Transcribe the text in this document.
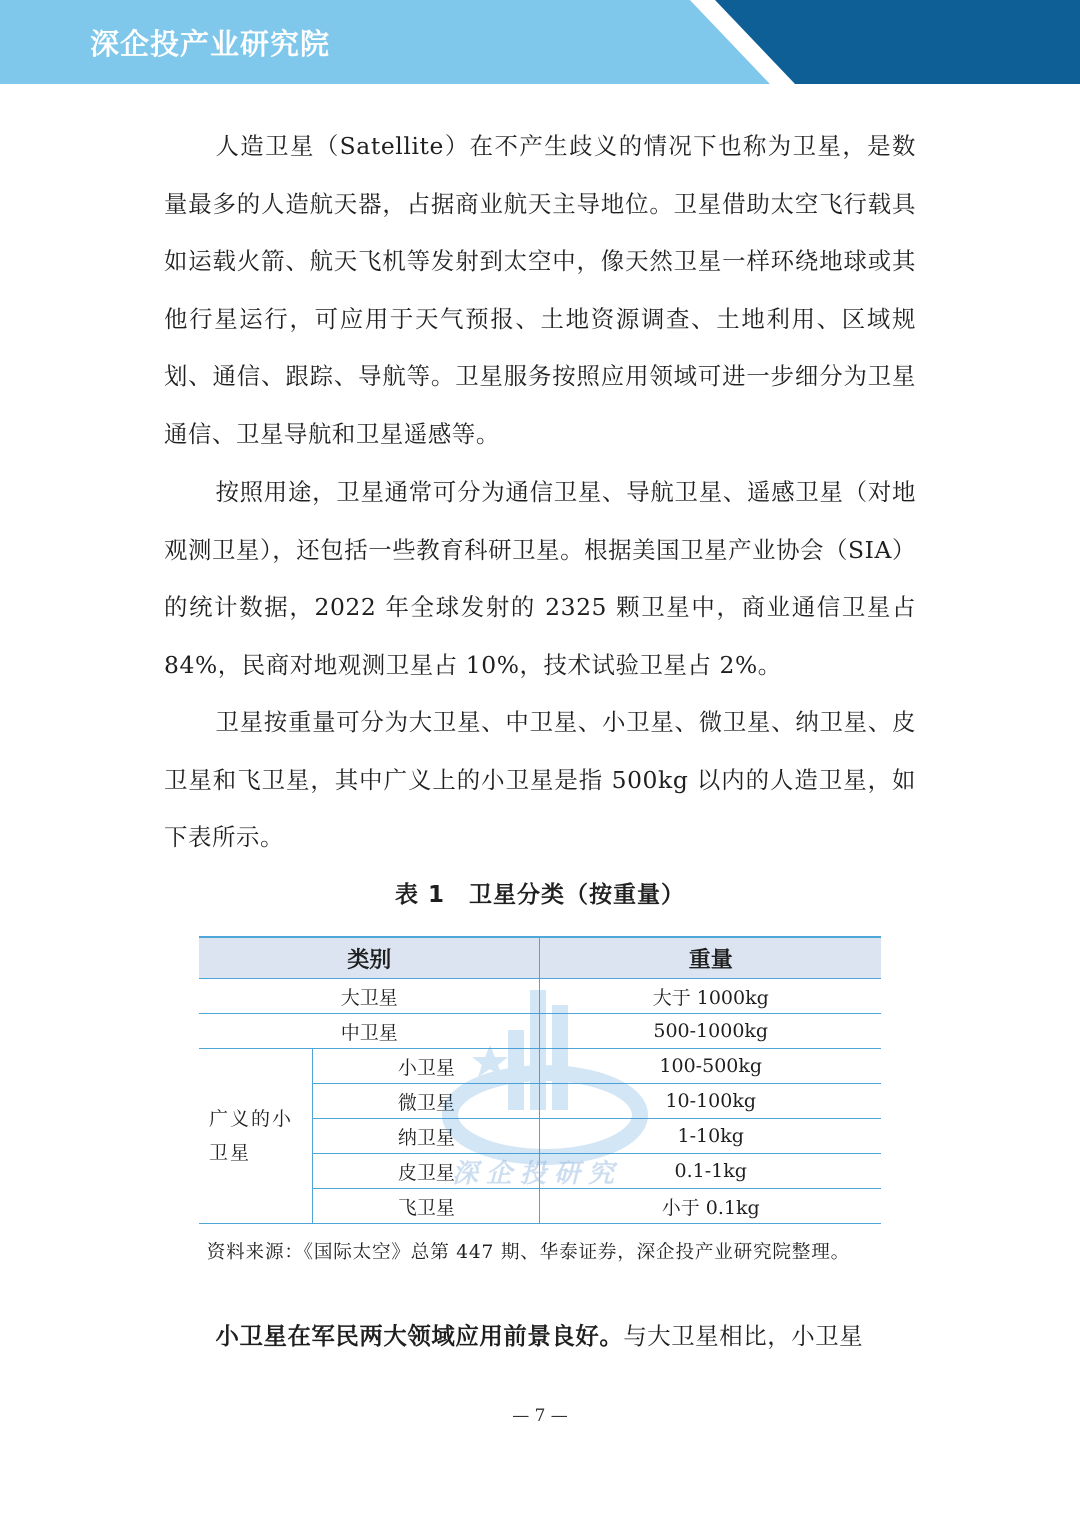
深企投产业研究院

人造卫星（Satellite）在不产生歧义的情况下也称为卫星，是数量最多的人造航天器，占据商业航天主导地位。卫星借助太空飞行载具如运载火箭、航天飞机等发射到太空中，像天然卫星一样环绕地球或其他行星运行，可应用于天气预报、土地资源调查、土地利用、区域规划、通信、跟踪、导航等。卫星服务按照应用领域可进一步细分为卫星通信、卫星导航和卫星遥感等。

按照用途，卫星通常可分为通信卫星、导航卫星、遥感卫星（对地观测卫星），还包括一些教育科研卫星。根据美国卫星产业协会（SIA）的统计数据，2022 年全球发射的 2325 颗卫星中，商业通信卫星占 84%，民商对地观测卫星占 10%，技术试验卫星占 2%。

卫星按重量可分为大卫星、中卫星、小卫星、微卫星、纳卫星、皮卫星和飞卫星，其中广义上的小卫星是指 500kg 以内的人造卫星，如下表所示。

表 1 卫星分类（按重量）
类别		重量
大卫星		大于 1000kg
中卫星		500-1000kg
广义的小卫星	小卫星	100-500kg
	微卫星	10-100kg
	纳卫星	1-10kg
	皮卫星	0.1-1kg
	飞卫星	小于 0.1kg
深企投研究

资料来源：《国际太空》总第 447 期、华泰证券，深企投产业研究院整理。

小卫星在军民两大领域应用前景良好。与大卫星相比，小卫星

— 7 —
